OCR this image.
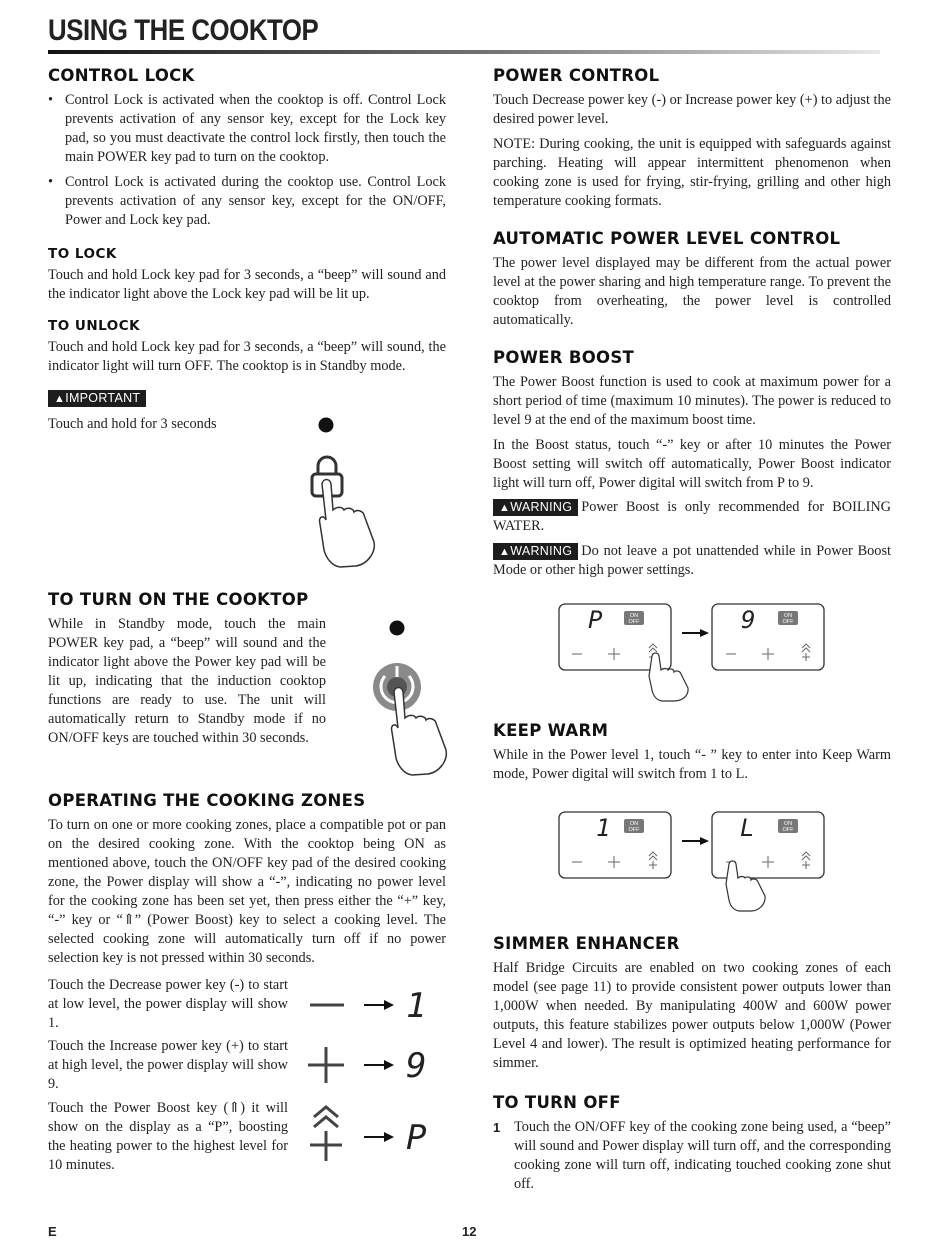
USING THE COOKTOP
CONTROL LOCK
• Control Lock is activated when the cooktop is off. Control Lock prevents activation of any sensor key, except for the Lock key pad, so you must deactivate the control lock firstly, then touch the main POWER key pad to turn on the cooktop.
• Control Lock is activated during the cooktop use. Control Lock prevents activation of any sensor key, except for the ON/OFF, Power and Lock key pad.
TO LOCK

Touch and hold Lock key pad for 3 seconds, a “beep” will sound and the indicator light above the Lock key pad will be lit up.

TO UNLOCK

Touch and hold Lock key pad for 3 seconds, a “beep” will sound, the indicator light will turn OFF. The cooktop is in Standby mode.

▲IMPORTANT

Touch and hold for 3 seconds

TO TURN ON THE COOKTOP

While in Standby mode, touch the main POWER key pad, a “beep” will sound and the indicator light above the Power key pad will be lit up, indicating that the induction cooktop functions are ready to use. The unit will automatically return to Standby mode if no ON/OFF keys are touched within 30 seconds.

OPERATING THE COOKING ZONES

To turn on one or more cooking zones, place a compatible pot or pan on the desired cooking zone. With the cooktop being ON as mentioned above, touch the ON/OFF key pad of the desired cooking zone, the Power display will show a “-”, indicating no power level for the cooking zone has been set yet, then press either the “+” key, “-” key or “⇑” (Power Boost) key to select a cooking level. The selected cooking zone will automatically turn off if no power selection key is not pressed within 30 seconds.

Touch the Decrease power key (-) to start at low level, the power display will show 1.

Touch the Increase power key (+) to start at high level, the power display will show 9.

Touch the Power Boost key (⇑) it will show on the display as a “P”, boosting the heating power to the highest level for 10 minutes.

1
9
P
POWER CONTROL

Touch Decrease power key (-) or Increase power key (+) to adjust the desired power level.

NOTE: During cooking, the unit is equipped with safeguards against parching. Heating will appear intermittent phenomenon when cooking zone is used for frying, stir-frying, grilling and other high temperature cooking formats.

AUTOMATIC POWER LEVEL CONTROL

The power level displayed may be different from the actual power level at the power sharing and high temperature range. To prevent the cooktop from overheating, the power level is controlled automatically.

POWER BOOST

The Power Boost function is used to cook at maximum power for a short period of time (maximum 10 minutes). The power is reduced to level 9 at the end of the maximum boost time.

In the Boost status, touch “-” key or after 10 minutes the Power Boost setting will switch off automatically, Power Boost indicator light will turn off, Power digital will switch from P to 9.

▲WARNING Power Boost is only recommended for BOILING WATER.

▲WARNING Do not leave a pot unattended while in Power Boost Mode or other high power settings.

P	ON
OFF	9	ON
OFF
KEEP WARM

While in the Power level 1, touch “- ” key to enter into Keep Warm mode, Power digital will switch from 1 to L.

1	ON
OFF	L	ON
OFF
SIMMER ENHANCER

Half Bridge Circuits are enabled on two cooking zones of each model (see page 11) to provide consistent power outputs lower than 1,000W when needed. By manipulating 400W and 600W power outputs, this feature stabilizes power outputs below 1,000W (Power Level 4 and lower). The result is optimized heating performance for simmer.

TO TURN OFF
1 Touch the ON/OFF key of the cooking zone being used, a “beep” will sound and Power display will turn off, and the corresponding cooking zone will turn off, indicating touched cooking zone shut off.
E	12
